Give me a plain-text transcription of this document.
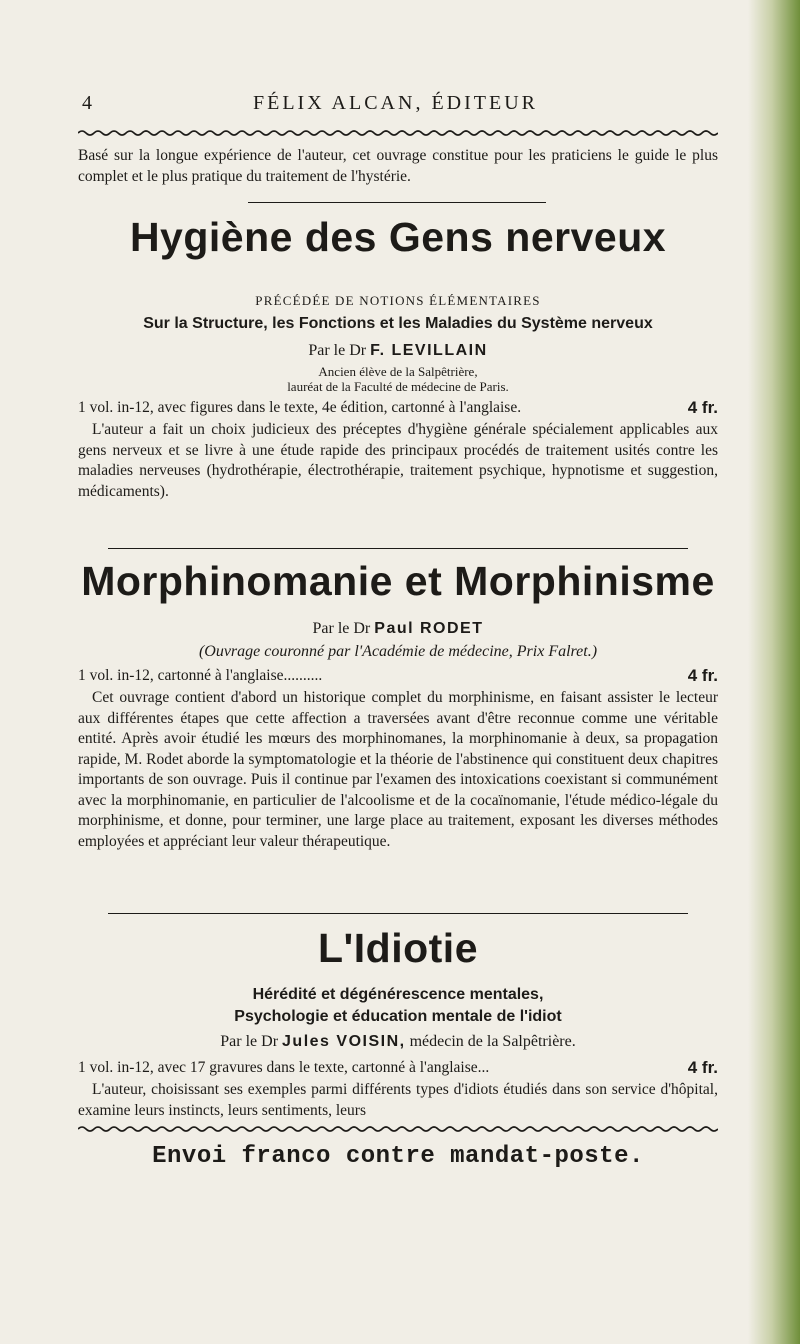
4	FÉLIX ALCAN, ÉDITEUR

Basé sur la longue expérience de l'auteur, cet ouvrage constitue pour les praticiens le guide le plus complet et le plus pratique du traitement de l'hystérie.

Hygiène des Gens nerveux
PRÉCÉDÉE DE NOTIONS ÉLÉMENTAIRES
Sur la Structure, les Fonctions et les Maladies du Système nerveux
Par le Dr F. LEVILLAIN
Ancien élève de la Salpêtrière,
lauréat de la Faculté de médecine de Paris.
4 fr.
1 vol. in-12, avec figures dans le texte, 4e édition, cartonné à l'anglaise.

L'auteur a fait un choix judicieux des préceptes d'hygiène générale spécialement applicables aux gens nerveux et se livre à une étude rapide des principaux procédés de traitement usités contre les maladies nerveuses (hydrothérapie, électrothérapie, traitement psychique, hypnotisme et suggestion, médicaments).

Morphinomanie et Morphinisme
Par le Dr Paul RODET
(Ouvrage couronné par l'Académie de médecine, Prix Falret.)
4 fr.
1 vol. in-12, cartonné à l'anglaise..........

Cet ouvrage contient d'abord un historique complet du morphinisme, en faisant assister le lecteur aux différentes étapes que cette affection a traversées avant d'être reconnue comme une véritable entité. Après avoir étudié les mœurs des morphinomanes, la morphinomanie à deux, sa propagation rapide, M. Rodet aborde la symptomatologie et la théorie de l'abstinence qui constituent deux chapitres importants de son ouvrage. Puis il continue par l'examen des intoxications coexistant si communément avec la morphinomanie, en particulier de l'alcoolisme et de la cocaïnomanie, l'étude médico-légale du morphinisme, et donne, pour terminer, une large place au traitement, exposant les diverses méthodes employées et appréciant leur valeur thérapeutique.

L'Idiotie
Hérédité et dégénérescence mentales,
Psychologie et éducation mentale de l'idiot
Par le Dr Jules VOISIN, médecin de la Salpêtrière.
4 fr.
1 vol. in-12, avec 17 gravures dans le texte, cartonné à l'anglaise...

L'auteur, choisissant ses exemples parmi différents types d'idiots étudiés dans son service d'hôpital, examine leurs instincts, leurs sentiments, leurs

Envoi franco contre mandat-poste.
